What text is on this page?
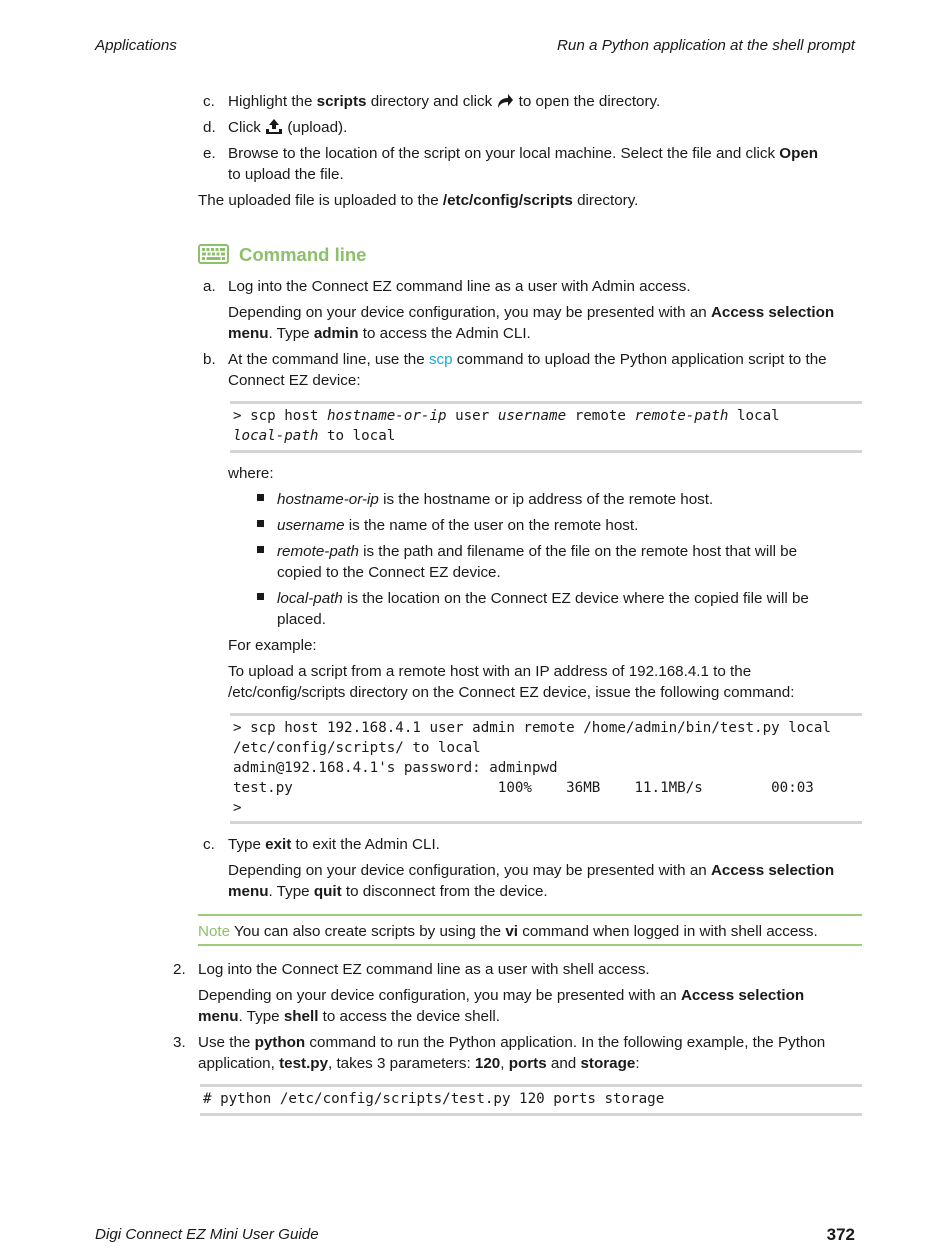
Applications	Run a Python application at the shell prompt
c. Highlight the scripts directory and click  to open the directory.
d. Click  (upload).
e. Browse to the location of the script on your local machine. Select the file and click Open
to upload the file.
The uploaded file is uploaded to the /etc/config/scripts directory.
Command line
a. Log into the Connect EZ command line as a user with Admin access.
Depending on your device configuration, you may be presented with an Access selection
menu. Type admin to access the Admin CLI.
b. At the command line, use the scp command to upload the Python application script to the
Connect EZ device:
> scp host hostname-or-ip user username remote remote-path local
local-path to local
where:
hostname-or-ip is the hostname or ip address of the remote host.
username is the name of the user on the remote host.
remote-path is the path and filename of the file on the remote host that will be
copied to the Connect EZ device.
local-path is the location on the Connect EZ device where the copied file will be
placed.
For example:
To upload a script from a remote host with an IP address of 192.168.4.1 to the
/etc/config/scripts directory on the Connect EZ device, issue the following command:
> scp host 192.168.4.1 user admin remote /home/admin/bin/test.py local
/etc/config/scripts/ to local
admin@192.168.4.1's password: adminpwd
test.py                        100%    36MB    11.1MB/s        00:03
>
c. Type exit to exit the Admin CLI.
Depending on your device configuration, you may be presented with an Access selection
menu. Type quit to disconnect from the device.
Note You can also create scripts by using the vi command when logged in with shell access.
2. Log into the Connect EZ command line as a user with shell access.
Depending on your device configuration, you may be presented with an Access selection
menu. Type shell to access the device shell.
3. Use the python command to run the Python application. In the following example, the Python
application, test.py, takes 3 parameters: 120, ports and storage:
# python /etc/config/scripts/test.py 120 ports storage
Digi Connect EZ Mini User Guide	372
